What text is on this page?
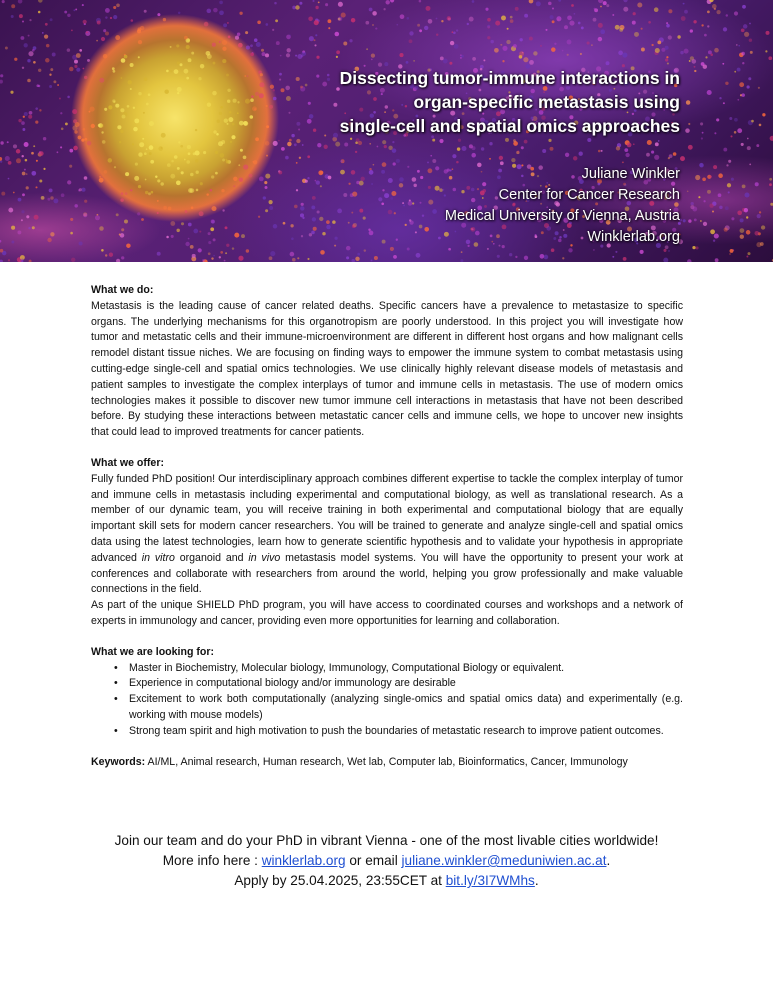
Dissecting tumor-immune interactions in
organ-specific metastasis using
single-cell and spatial omics approaches
Juliane Winkler
Center for Cancer Research
Medical University of Vienna, Austria
Winklerlab.org
What we do:
Metastasis is the leading cause of cancer related deaths. Specific cancers have a prevalence to metastasize to specific organs. The underlying mechanisms for this organotropism are poorly understood. In this project you will investigate how tumor and metastatic cells and their immune-microenvironment are different in different host organs and how malignant cells remodel distant tissue niches. We are focusing on finding ways to empower the immune system to combat metastasis using cutting-edge single-cell and spatial omics technologies. We use clinically highly relevant disease models of metastasis and patient samples to investigate the complex interplays of tumor and immune cells in metastasis. The use of modern omics technologies makes it possible to discover new tumor immune cell interactions in metastasis that have not been described before. By studying these interactions between metastatic cancer cells and immune cells, we hope to uncover new insights that could lead to improved treatments for cancer patients.
What we offer:
Fully funded PhD position! Our interdisciplinary approach combines different expertise to tackle the complex interplay of tumor and immune cells in metastasis including experimental and computational biology, as well as translational research. As a member of our dynamic team, you will receive training in both experimental and computational biology that are equally important skill sets for modern cancer researchers. You will be trained to generate and analyze single-cell and spatial omics data using the latest technologies, learn how to generate scientific hypothesis and to validate your hypothesis in appropriate advanced in vitro organoid and in vivo metastasis model systems. You will have the opportunity to present your work at conferences and collaborate with researchers from around the world, helping you grow professionally and make valuable connections in the field.
As part of the unique SHIELD PhD program, you will have access to coordinated courses and workshops and a network of experts in immunology and cancer, providing even more opportunities for learning and collaboration.
What we are looking for:
• Master in Biochemistry, Molecular biology, Immunology, Computational Biology or equivalent.
• Experience in computational biology and/or immunology are desirable
• Excitement to work both computationally (analyzing single-omics and spatial omics data) and experimentally (e.g. working with mouse models)
• Strong team spirit and high motivation to push the boundaries of metastatic research to improve patient outcomes.
Keywords: AI/ML, Animal research, Human research, Wet lab, Computer lab, Bioinformatics, Cancer, Immunology
Join our team and do your PhD in vibrant Vienna - one of the most livable cities worldwide!
More info here : winklerlab.org or email juliane.winkler@meduniwien.ac.at.
Apply by 25.04.2025, 23:55CET at bit.ly/3I7WMhs.
